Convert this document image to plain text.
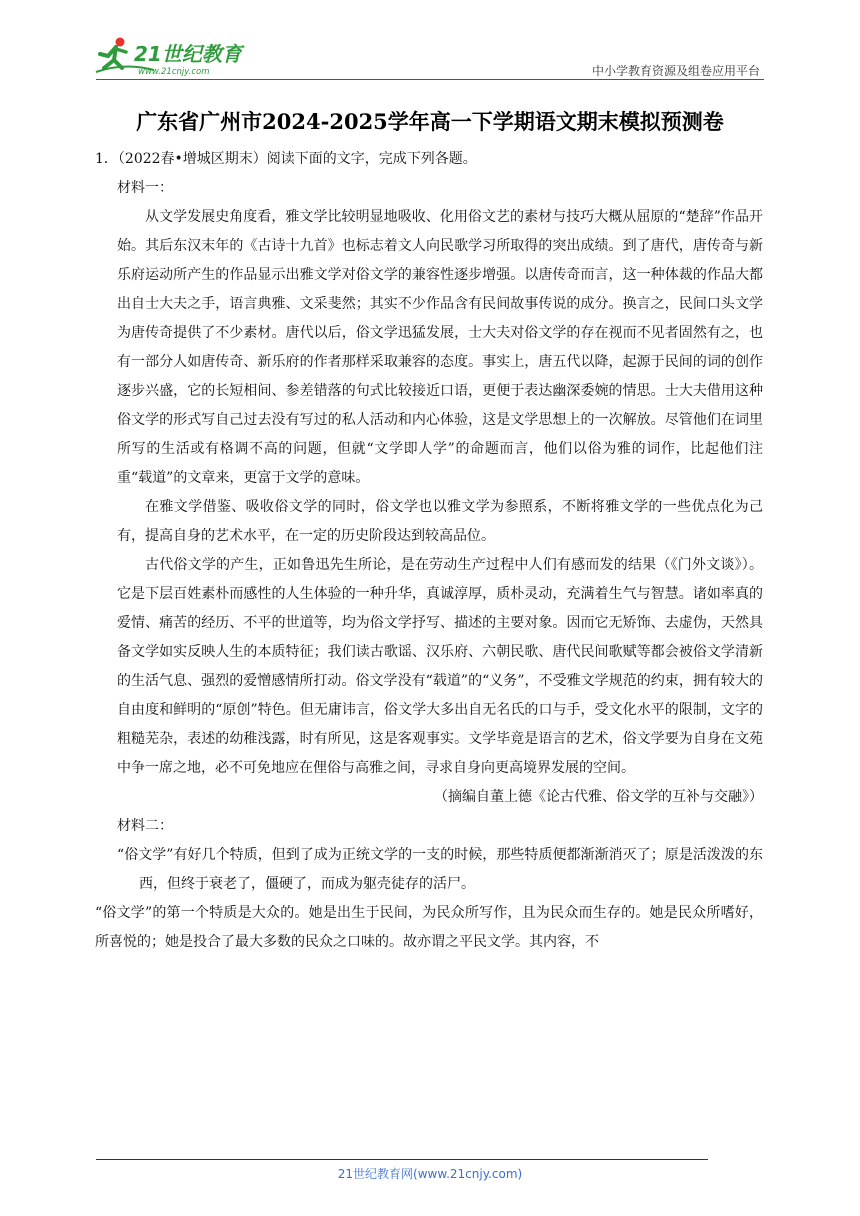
21世纪教育
www.21cnjy.com	中小学教育资源及组卷应用平台
广东省广州市2024-2025学年高一下学期语文期末模拟预测卷

1．（2022春•增城区期末）阅读下面的文字，完成下列各题。

材料一：

从文学发展史角度看，雅文学比较明显地吸收、化用俗文艺的素材与技巧大概从屈原的“楚辞”作品开始。其后东汉末年的《古诗十九首》也标志着文人向民歌学习所取得的突出成绩。到了唐代，唐传奇与新乐府运动所产生的作品显示出雅文学对俗文学的兼容性逐步增强。以唐传奇而言，这一种体裁的作品大都出自士大夫之手，语言典雅、文采斐然；其实不少作品含有民间故事传说的成分。换言之，民间口头文学为唐传奇提供了不少素材。唐代以后，俗文学迅猛发展，士大夫对俗文学的存在视而不见者固然有之，也有一部分人如唐传奇、新乐府的作者那样采取兼容的态度。事实上，唐五代以降，起源于民间的词的创作逐步兴盛，它的长短相间、参差错落的句式比较接近口语，更便于表达幽深委婉的情思。士大夫借用这种俗文学的形式写自己过去没有写过的私人活动和内心体验，这是文学思想上的一次解放。尽管他们在词里所写的生活或有格调不高的问题，但就“文学即人学”的命题而言，他们以俗为雅的词作，比起他们注重“载道”的文章来，更富于文学的意味。

在雅文学借鉴、吸收俗文学的同时，俗文学也以雅文学为参照系，不断将雅文学的一些优点化为己有，提高自身的艺术水平，在一定的历史阶段达到较高品位。

古代俗文学的产生，正如鲁迅先生所论，是在劳动生产过程中人们有感而发的结果（《门外文谈》）。它是下层百姓素朴而感性的人生体验的一种升华，真诚淳厚，质朴灵动，充满着生气与智慧。诸如率真的爱情、痛苦的经历、不平的世道等，均为俗文学抒写、描述的主要对象。因而它无矫饰、去虚伪，天然具备文学如实反映人生的本质特征；我们读古歌谣、汉乐府、六朝民歌、唐代民间歌赋等都会被俗文学清新的生活气息、强烈的爱憎感情所打动。俗文学没有“载道”的“义务”，不受雅文学规范的约束，拥有较大的自由度和鲜明的“原创”特色。但无庸讳言，俗文学大多出自无名氏的口与手，受文化水平的限制，文字的粗糙芜杂，表述的幼稚浅露，时有所见，这是客观事实。文学毕竟是语言的艺术，俗文学要为自身在文苑中争一席之地，必不可免地应在俚俗与高雅之间，寻求自身向更高境界发展的空间。

（摘编自董上德《论古代雅、俗文学的互补与交融》）

材料二：

“俗文学”有好几个特质，但到了成为正统文学的一支的时候，那些特质便都渐渐消灭了；原是活泼泼的东西，但终于衰老了，僵硬了，而成为躯壳徒存的活尸。

“俗文学”的第一个特质是大众的。她是出生于民间，为民众所写作，且为民众而生存的。她是民众所嗜好，所喜悦的；她是投合了最大多数的民众之口味的。故亦谓之平民文学。其内容，不

21世纪教育网(www.21cnjy.com)
